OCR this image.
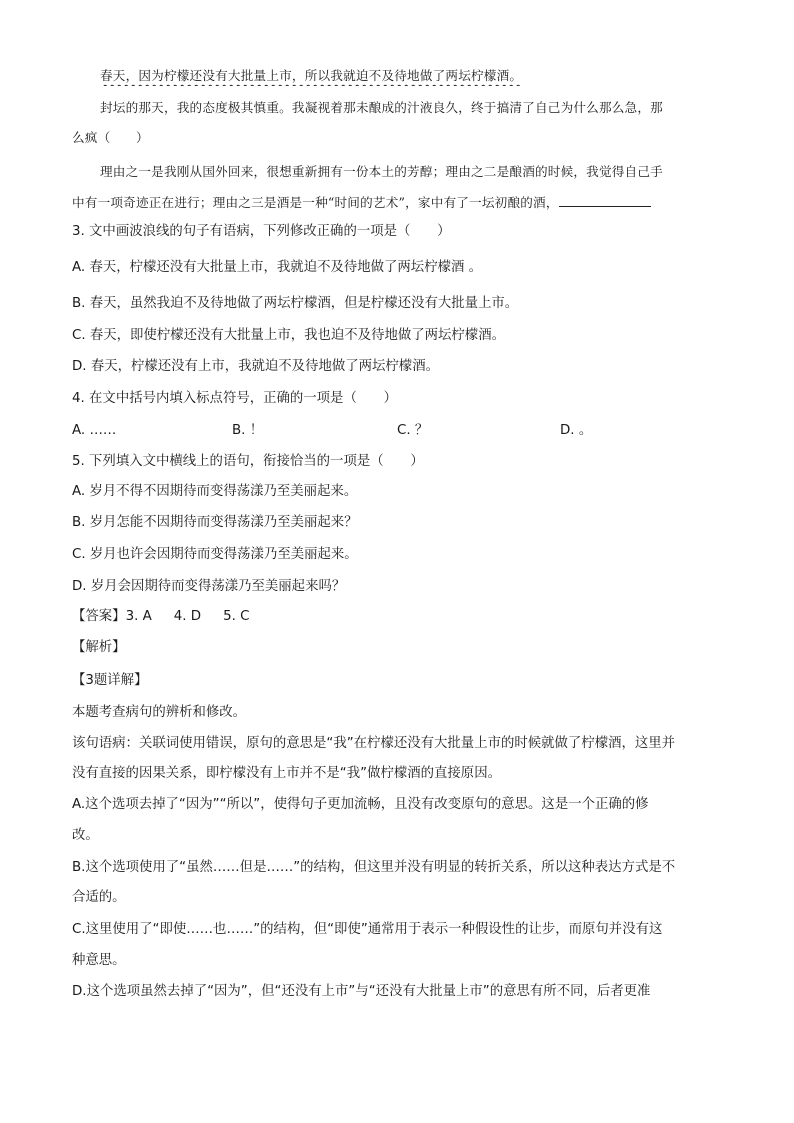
春天，因为柠檬还没有大批量上市，所以我就迫不及待地做了两坛柠檬酒。
封坛的那天，我的态度极其慎重。我凝视着那未酿成的汁液良久，终于搞清了自己为什么那么急，那
么疯（　　）
理由之一是我刚从国外回来，很想重新拥有一份本土的芳醇；理由之二是酿酒的时候，我觉得自己手
中有一项奇迹正在进行；理由之三是酒是一种“时间的艺术”，家中有了一坛初酿的酒，
3. 文中画波浪线的句子有语病，下列修改正确的一项是（　　）
A. 春天，柠檬还没有大批量上市，我就迫不及待地做了两坛柠檬酒 。
B. 春天，虽然我迫不及待地做了两坛柠檬酒，但是柠檬还没有大批量上市。
C. 春天，即使柠檬还没有大批量上市，我也迫不及待地做了两坛柠檬酒。
D. 春天，柠檬还没有上市，我就迫不及待地做了两坛柠檬酒。
4. 在文中括号内填入标点符号，正确的一项是（　　）
A. ……	B. ！	C. ？	D. 。
5. 下列填入文中横线上的语句，衔接恰当的一项是（　　）
A. 岁月不得不因期待而变得荡漾乃至美丽起来。
B. 岁月怎能不因期待而变得荡漾乃至美丽起来？
C. 岁月也许会因期待而变得荡漾乃至美丽起来。
D. 岁月会因期待而变得荡漾乃至美丽起来吗？
【答案】3. A 4. D 5. C
【解析】
【3题详解】
本题考查病句的辨析和修改。
该句语病：关联词使用错误，原句的意思是“我”在柠檬还没有大批量上市的时候就做了柠檬酒，这里并
没有直接的因果关系，即柠檬没有上市并不是“我”做柠檬酒的直接原因。
A.这个选项去掉了“因为”“所以”，使得句子更加流畅，且没有改变原句的意思。这是一个正确的修
改。
B.这个选项使用了“虽然……但是……”的结构，但这里并没有明显的转折关系，所以这种表达方式是不
合适的。
C.这里使用了“即使……也……”的结构，但“即使”通常用于表示一种假设性的让步，而原句并没有这
种意思。
D.这个选项虽然去掉了“因为”，但“还没有上市”与“还没有大批量上市”的意思有所不同，后者更准
